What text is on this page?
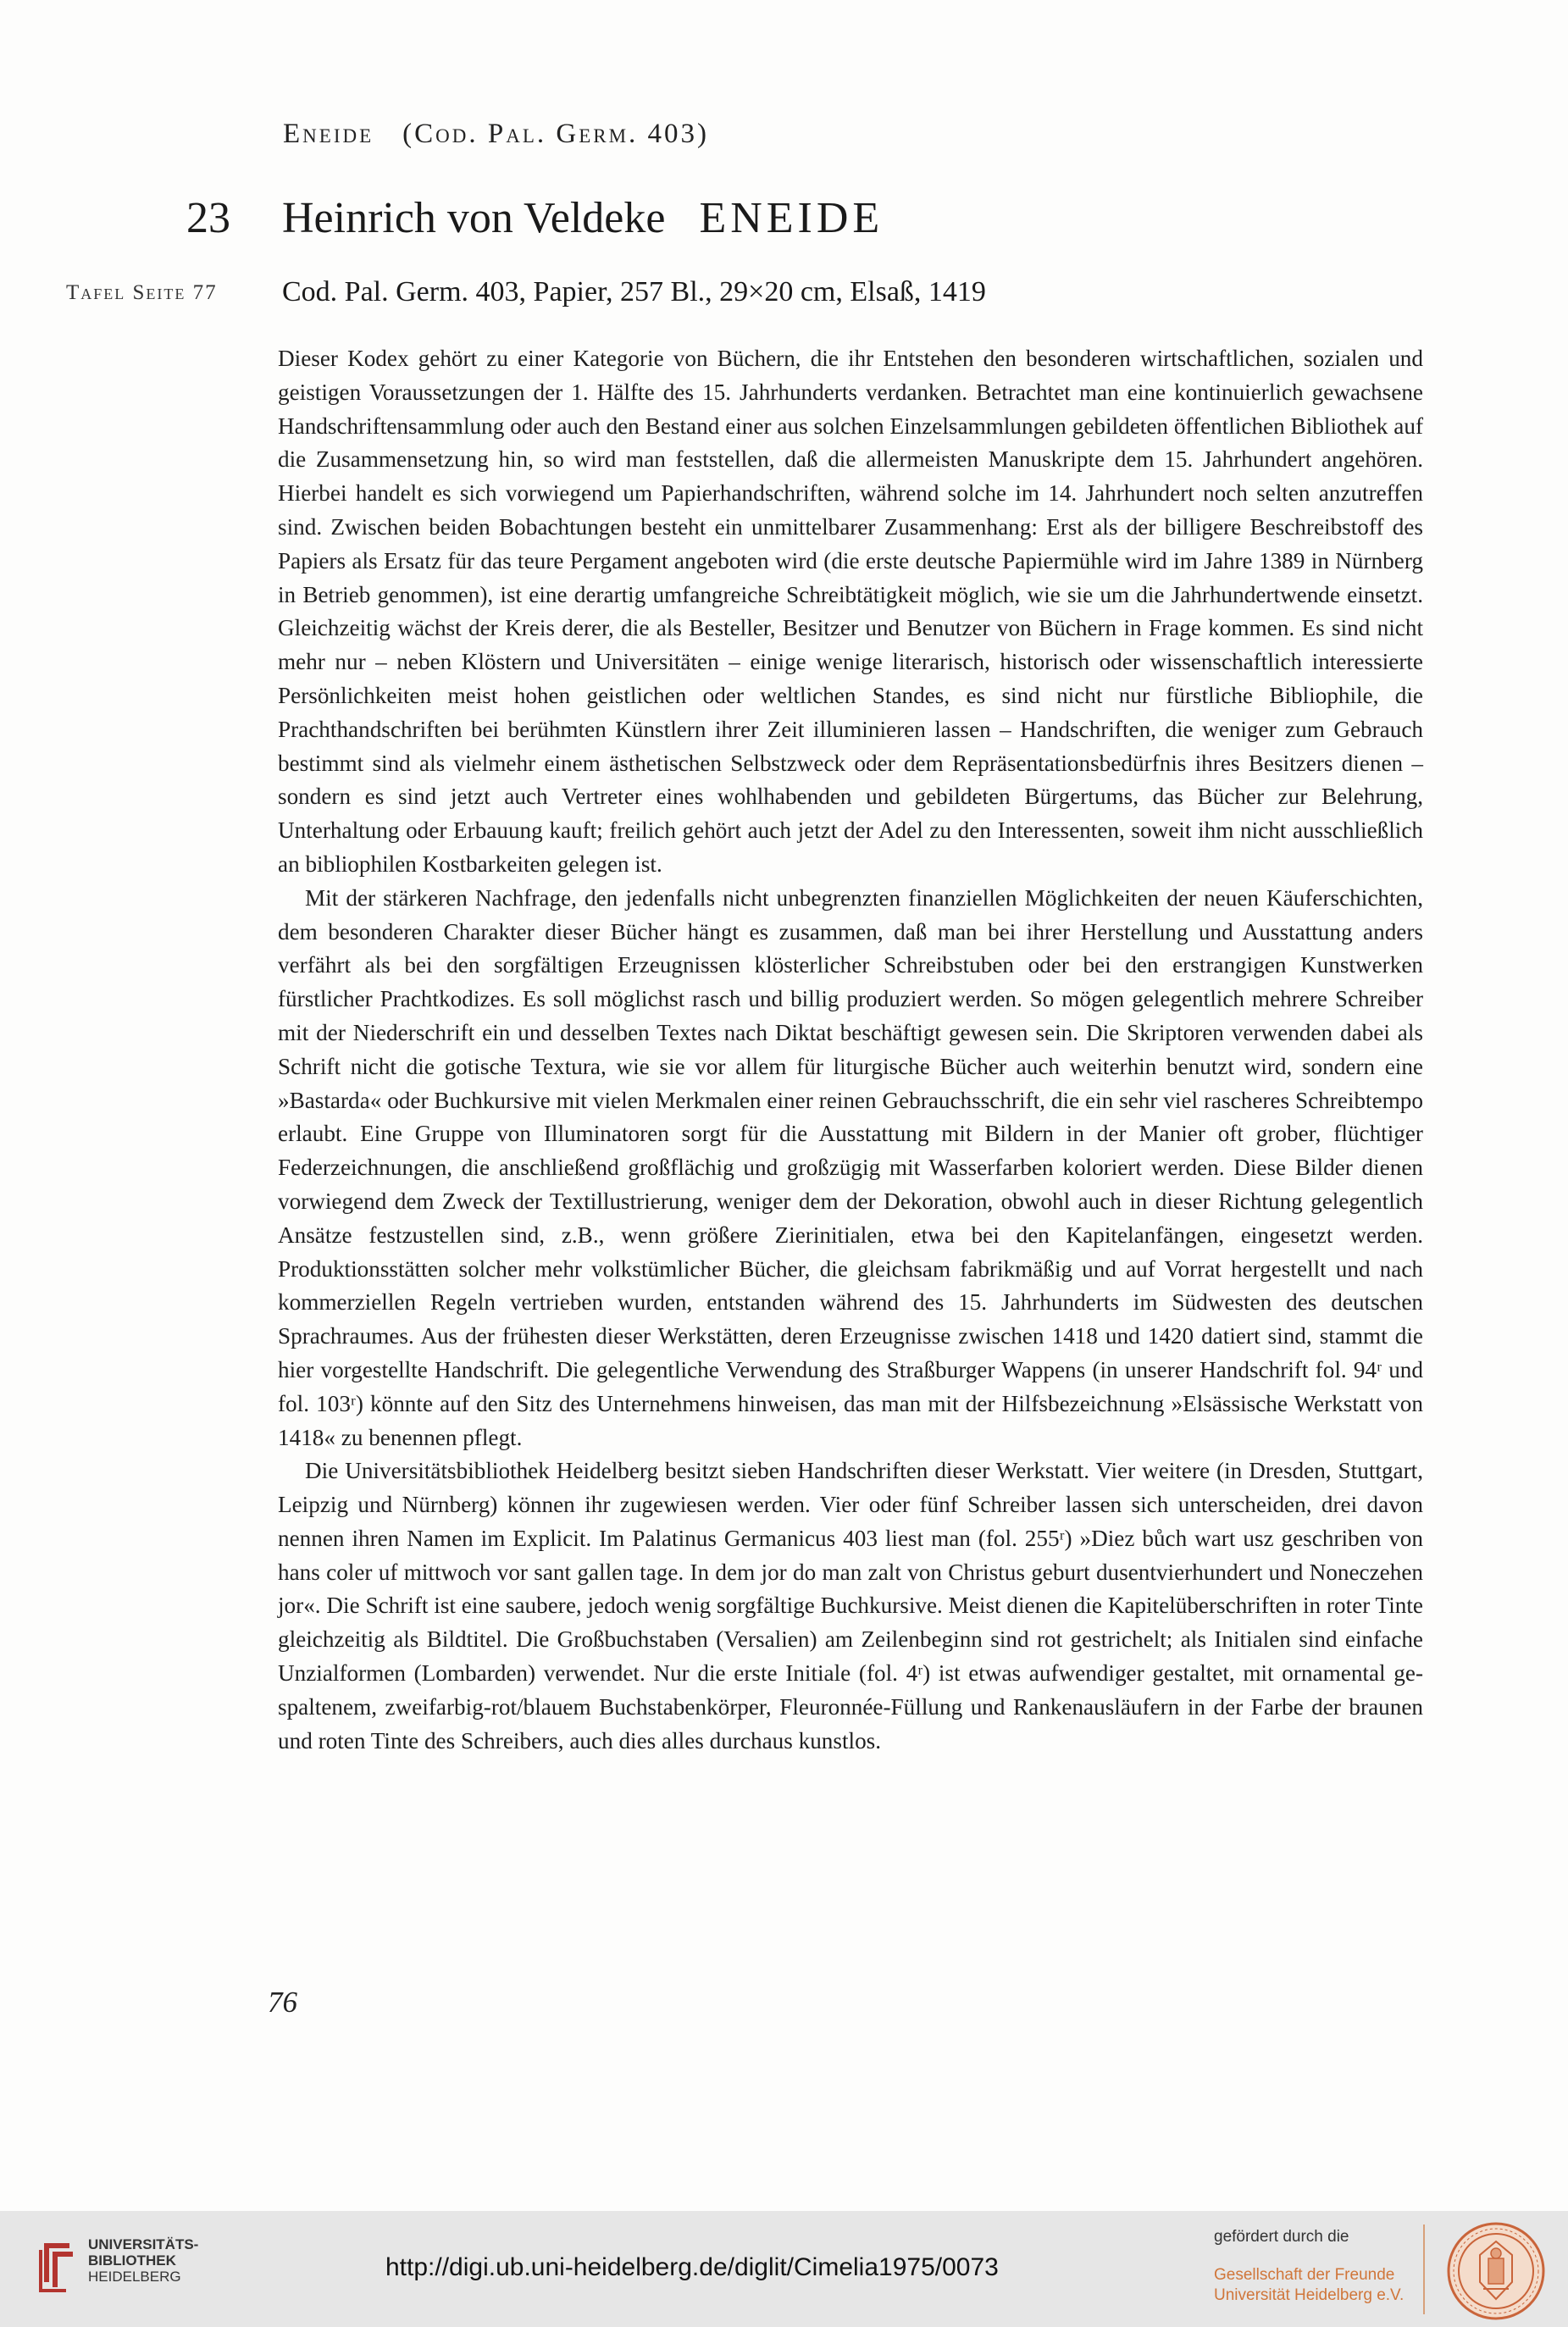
Eneide (Cod. Pal. Germ. 403)
23 Heinrich von Veldeke ENEIDE
Tafel Seite 77 Cod. Pal. Germ. 403, Papier, 257 Bl., 29×20 cm, Elsaß, 1419

Dieser Kodex gehört zu einer Kategorie von Büchern, die ihr Entstehen den besonderen wirtschaftlichen, sozialen und geistigen Voraussetzungen der 1. Hälfte des 15. Jahrhunderts verdanken. Betrachtet man eine kontinuierlich gewachsene Handschriftensammlung oder auch den Bestand einer aus solchen Einzelsammlungen gebildeten öffentlichen Bibliothek auf die Zusammensetzung hin, so wird man feststellen, daß die allermeisten Manuskripte dem 15. Jahrhundert angehören. Hierbei handelt es sich vorwiegend um Papierhandschriften, während solche im 14. Jahrhundert noch selten anzutreffen sind. Zwischen beiden Bobachtungen besteht ein unmittelbarer Zusammenhang: Erst als der billigere Beschreibstoff des Papiers als Ersatz für das teure Pergament angeboten wird (die erste deutsche Papiermühle wird im Jahre 1389 in Nürnberg in Betrieb genommen), ist eine derartig umfangreiche Schreibtätigkeit möglich, wie sie um die Jahrhundertwende einsetzt. Gleichzeitig wächst der Kreis derer, die als Besteller, Besitzer und Benutzer von Büchern in Frage kommen. Es sind nicht mehr nur – neben Klöstern und Universitäten – einige wenige literarisch, historisch oder wissenschaftlich interessierte Persönlichkeiten meist hohen geistlichen oder weltlichen Standes, es sind nicht nur fürstliche Bibliophile, die Prachthandschriften bei berühmten Künstlern ihrer Zeit illuminieren lassen – Handschriften, die weniger zum Gebrauch bestimmt sind als vielmehr einem ästhetischen Selbstzweck oder dem Repräsentationsbedürfnis ihres Besitzers dienen – sondern es sind jetzt auch Vertreter eines wohlhabenden und gebildeten Bürgertums, das Bücher zur Belehrung, Unterhaltung oder Erbauung kauft; freilich gehört auch jetzt der Adel zu den Interessenten, soweit ihm nicht ausschließlich an bibliophilen Kostbarkeiten gelegen ist.

Mit der stärkeren Nachfrage, den jedenfalls nicht unbegrenzten finanziellen Möglichkeiten der neuen Käuferschichten, dem besonderen Charakter dieser Bücher hängt es zusammen, daß man bei ihrer Herstellung und Ausstattung anders verfährt als bei den sorgfältigen Erzeugnissen klösterlicher Schreibstuben oder bei den erstrangigen Kunstwerken fürstlicher Prachtkodizes. Es soll möglichst rasch und billig produziert werden. So mögen gelegentlich mehrere Schreiber mit der Niederschrift ein und desselben Textes nach Diktat beschäftigt gewesen sein. Die Skriptoren verwenden dabei als Schrift nicht die gotische Textura, wie sie vor allem für liturgische Bücher auch weiterhin benutzt wird, sondern eine »Bastarda« oder Buchkursive mit vielen Merkmalen einer reinen Gebrauchsschrift, die ein sehr viel rascheres Schreibtempo erlaubt. Eine Gruppe von Illuminatoren sorgt für die Ausstattung mit Bildern in der Manier oft grober, flüchtiger Federzeichnungen, die anschließend großflächig und großzügig mit Wasserfarben koloriert werden. Diese Bilder dienen vorwiegend dem Zweck der Textillustrierung, weniger dem der Dekoration, obwohl auch in dieser Richtung gelegentlich Ansätze festzustellen sind, z.B., wenn größere Zierinitialen, etwa bei den Kapitelanfängen, eingesetzt werden. Produktionsstätten solcher mehr volkstümlicher Bücher, die gleichsam fabrikmäßig und auf Vorrat hergestellt und nach kommerziellen Regeln vertrieben wurden, entstanden während des 15. Jahrhunderts im Südwesten des deutschen Sprachraumes. Aus der frühesten dieser Werkstätten, deren Erzeugnisse zwischen 1418 und 1420 datiert sind, stammt die hier vorgestellte Handschrift. Die gelegentliche Verwendung des Straßburger Wappens (in unserer Handschrift fol. 94ʳ und fol. 103ʳ) könnte auf den Sitz des Unternehmens hinweisen, das man mit der Hilfsbezeichnung »Elsässische Werkstatt von 1418« zu benennen pflegt.

Die Universitätsbibliothek Heidelberg besitzt sieben Handschriften dieser Werkstatt. Vier weitere (in Dresden, Stuttgart, Leipzig und Nürnberg) können ihr zugewiesen werden. Vier oder fünf Schreiber lassen sich unterscheiden, drei davon nennen ihren Namen im Explicit. Im Palatinus Germanicus 403 liest man (fol. 255ʳ) »Diez bůch wart usz geschriben von hans coler uf mittwoch vor sant gallen tage. In dem jor do man zalt von Christus geburt dusentvierhundert und Noneczehen jor«. Die Schrift ist eine saubere, jedoch wenig sorgfältige Buchkursive. Meist dienen die Kapitelüberschriften in roter Tinte gleichzeitig als Bildtitel. Die Großbuchstaben (Versalien) am Zeilenbeginn sind rot gestrichelt; als Initialen sind einfache Unzialformen (Lombarden) verwendet. Nur die erste Initiale (fol. 4ʳ) ist etwas aufwendiger gestaltet, mit ornamental gespaltenem, zweifarbig-rot/blauem Buchstabenkörper, Fleuronnée-Füllung und Rankenausläufern in der Farbe der braunen und roten Tinte des Schreibers, auch dies alles durchaus kunstlos.

76
UNIVERSITÄTS-
BIBLIOTHEK
HEIDELBERG	http://digi.ub.uni-heidelberg.de/diglit/Cimelia1975/0073
gefördert durch die
Gesellschaft der Freunde
Universität Heidelberg e.V.
